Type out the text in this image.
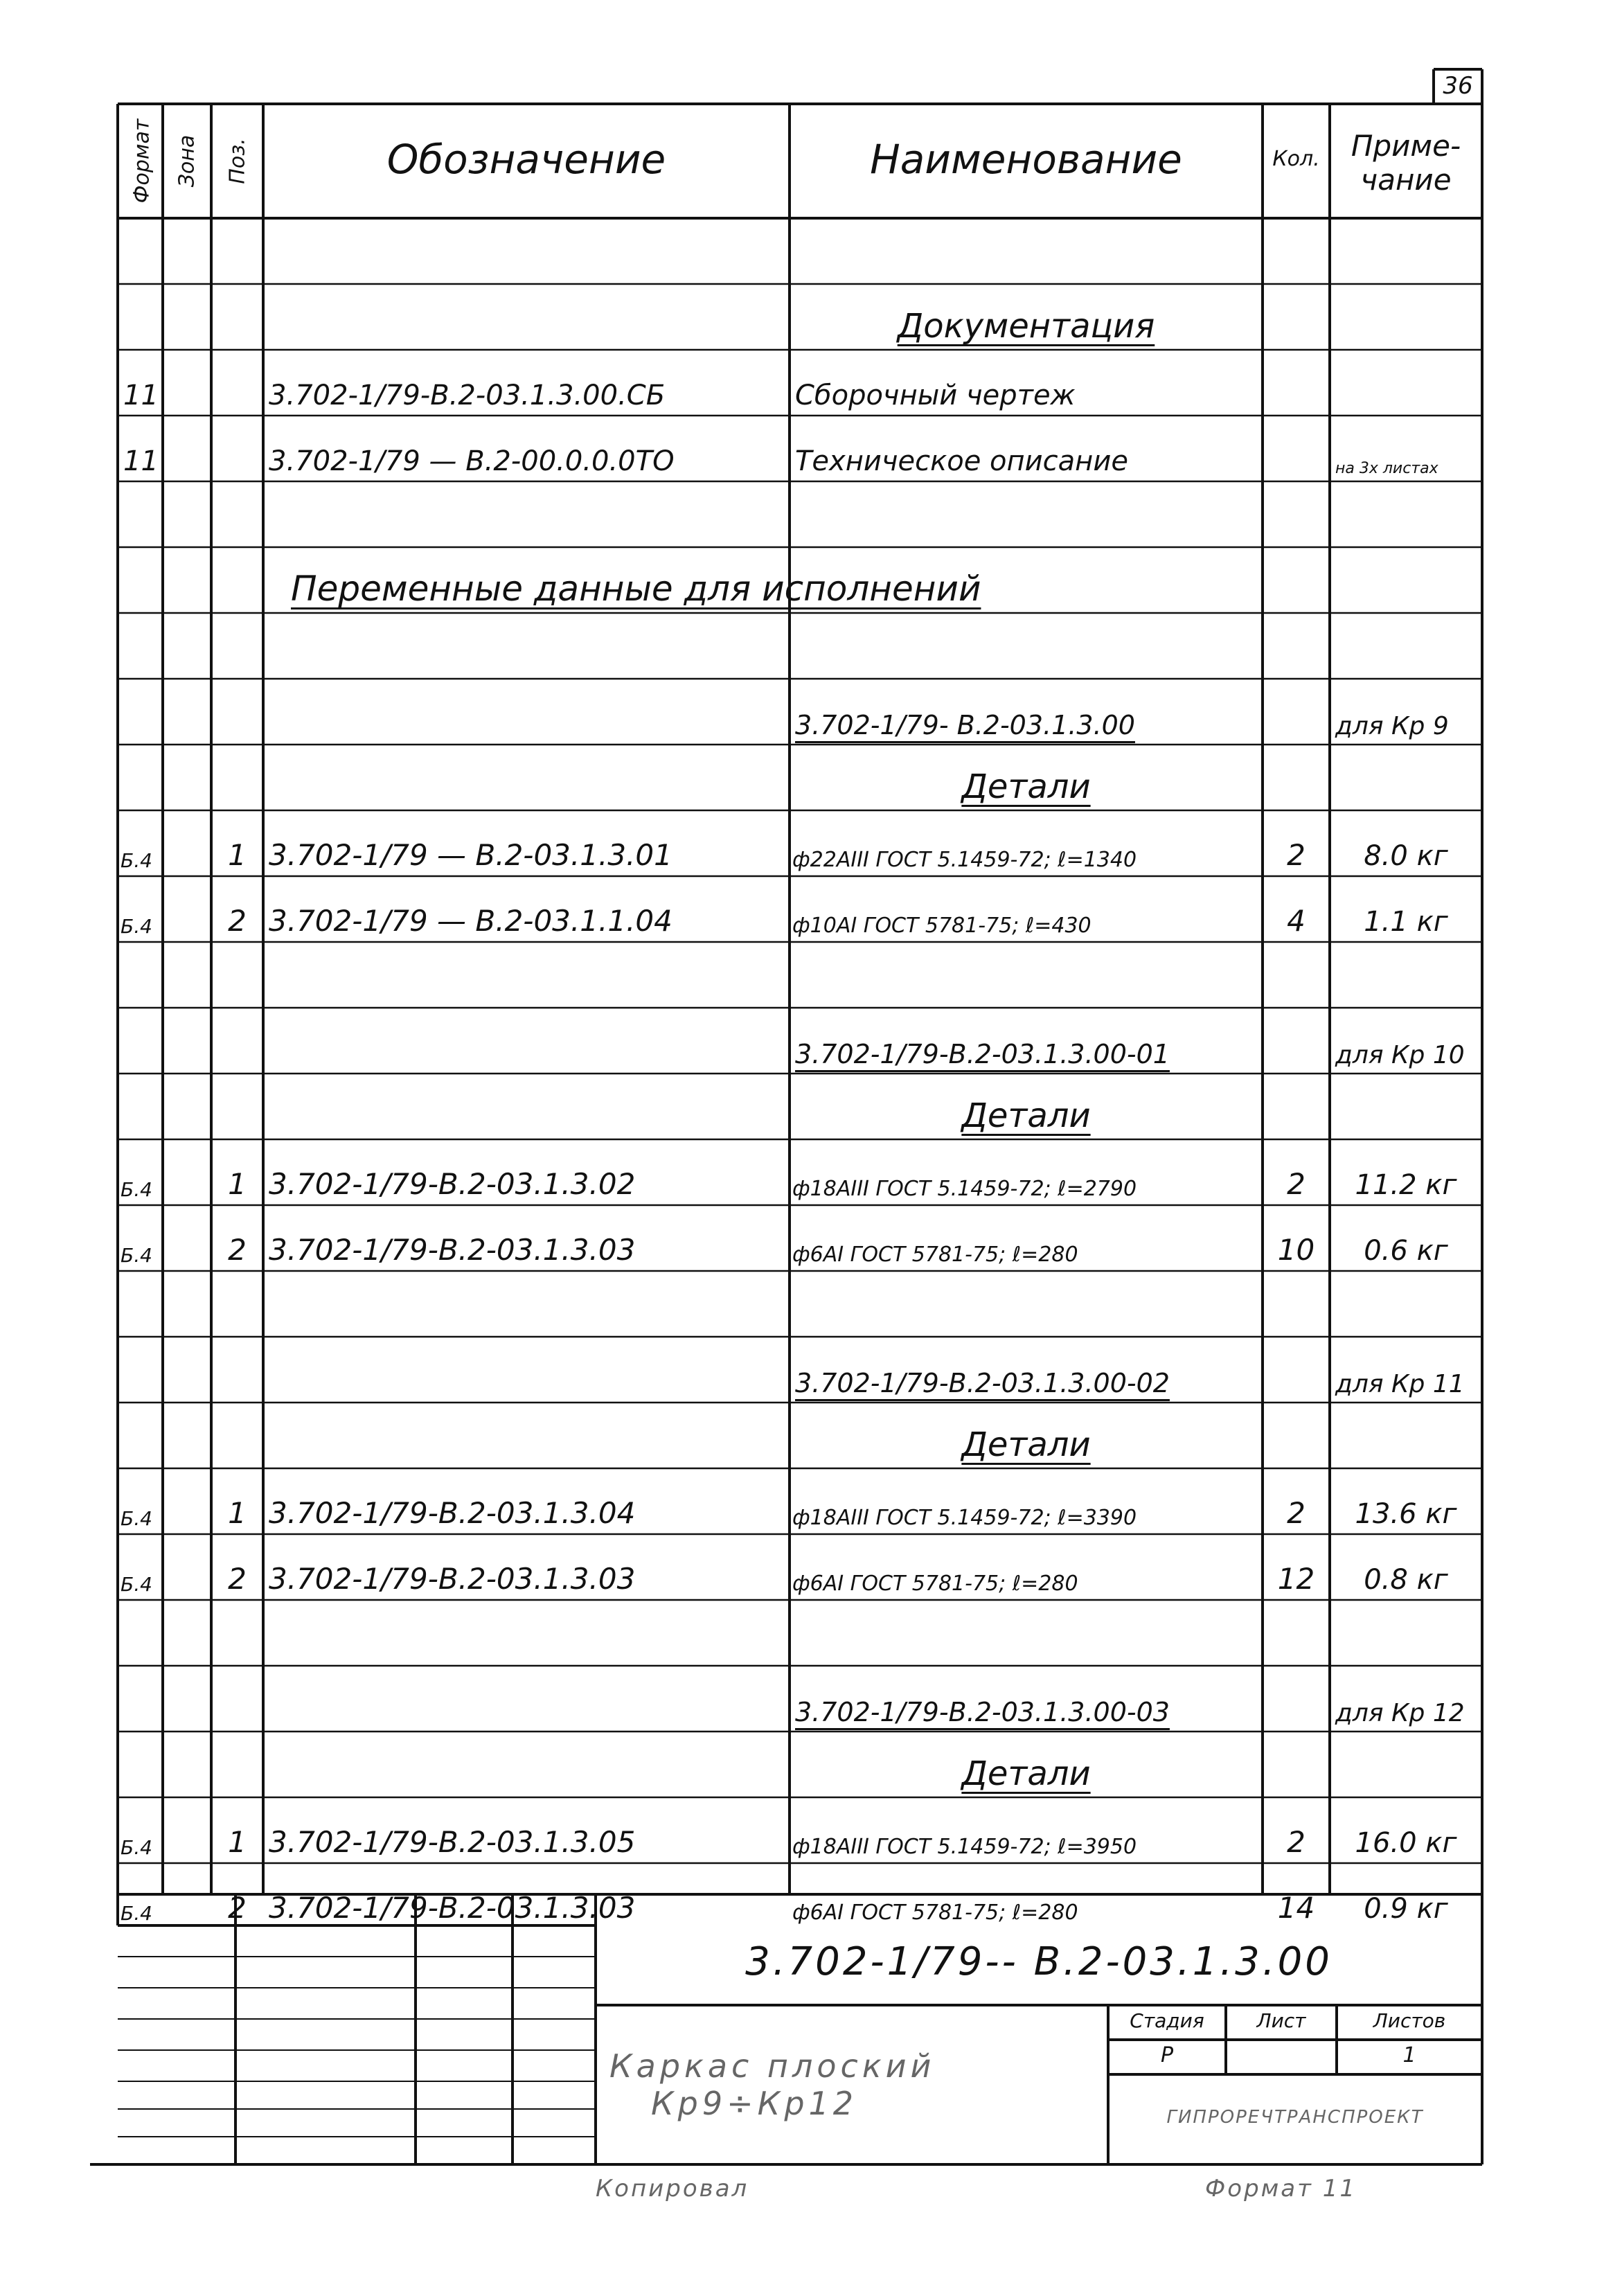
36
Формат Зона Поз.	Обозначение	Наименование	Кол.	Приме-
чание
Документация
11	3.702-1/79-В.2-03.1.3.00.СБ	Сборочный чертеж
11	3.702-1/79 — В.2-00.0.0.0ТО	Техническое описание	на 3х листах
Переменные данные для исполнений
3.702-1/79- В.2-03.1.3.00	для Кр 9
Детали
Б.4	1 3.702-1/79 — В.2-03.1.3.01	ф22АIII ГОСТ 5.1459-72; ℓ=1340	2	8.0 кг
Б.4	2 3.702-1/79 — В.2-03.1.1.04	ф10АI ГОСТ 5781-75; ℓ=430	4	1.1 кг
3.702-1/79-В.2-03.1.3.00-01	для Кр 10
Детали
Б.4	1 3.702-1/79-В.2-03.1.3.02	ф18АIII ГОСТ 5.1459-72; ℓ=2790	2	11.2 кг
Б.4	2 3.702-1/79-В.2-03.1.3.03	ф6АI ГОСТ 5781-75; ℓ=280	10	0.6 кг
3.702-1/79-В.2-03.1.3.00-02	для Кр 11
Детали
Б.4	1 3.702-1/79-В.2-03.1.3.04	ф18АIII ГОСТ 5.1459-72; ℓ=3390	2	13.6 кг
Б.4	2 3.702-1/79-В.2-03.1.3.03	ф6АI ГОСТ 5781-75; ℓ=280	12	0.8 кг
3.702-1/79-В.2-03.1.3.00-03	для Кр 12
Детали
Б.4	1 3.702-1/79-В.2-03.1.3.05	ф18АIII ГОСТ 5.1459-72; ℓ=3950	2	16.0 кг
Б.4	2 3.702-1/79-В.2-03.1.3.03	ф6АI ГОСТ 5781-75; ℓ=280	14	0.9 кг
3.702-1/79-- В.2-03.1.3.00
Каркас плоский
Кр9÷Кр12
Стадия	Лист	Листов
Р	1
ГИПРОРЕЧТРАНСПРОЕКТ
Копировал	Формат 11
